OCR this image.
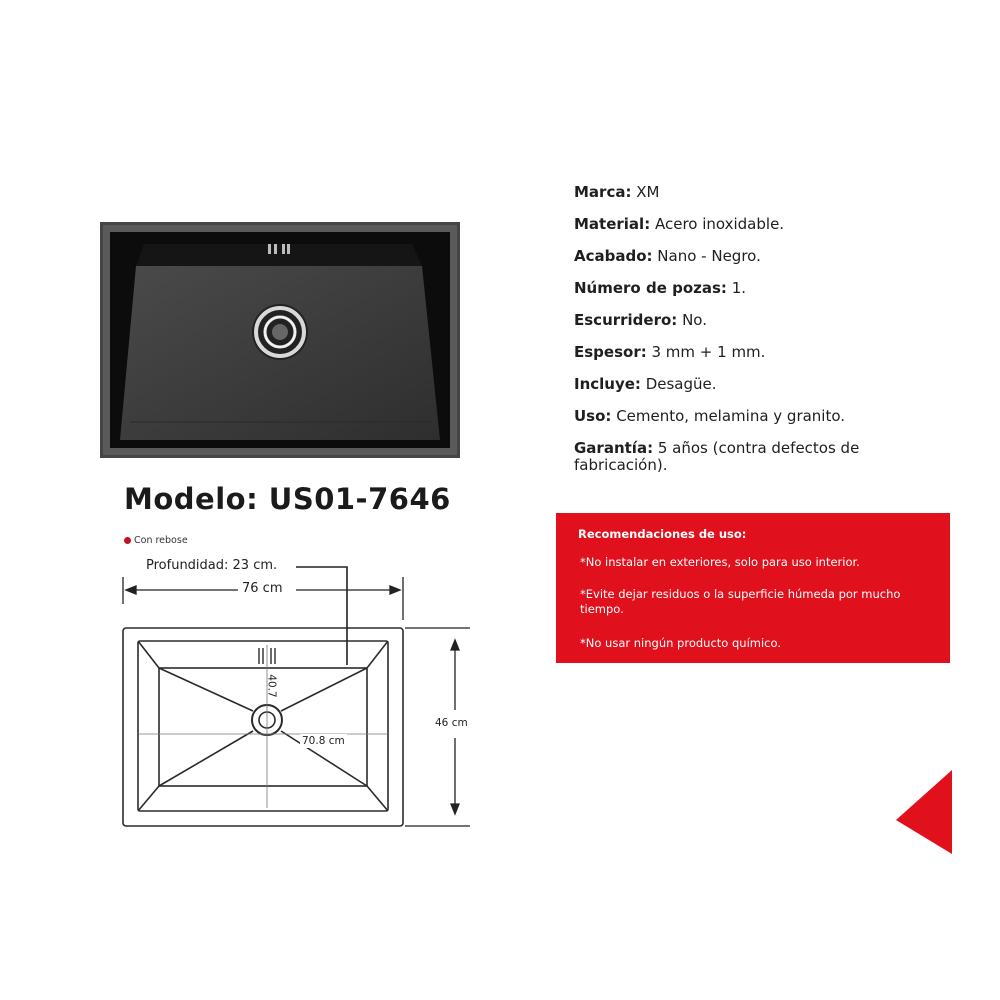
Modelo: US01-7646
Con rebose
Profundidad: 23 cm.
76 cm
70.8 cm
46 cm
40.7
Marca: XM
Material: Acero inoxidable.
Acabado: Nano - Negro.
Número de pozas: 1.
Escurridero: No.
Espesor: 3 mm + 1 mm.
Incluye: Desagüe.
Uso: Cemento, melamina y granito.
Garantía: 5 años (contra defectos de fabricación).
Recomendaciones de uso:
*No instalar en exteriores, solo para uso interior.
*Evite dejar residuos o la superficie húmeda por mucho tiempo.
*No usar ningún producto químico.
